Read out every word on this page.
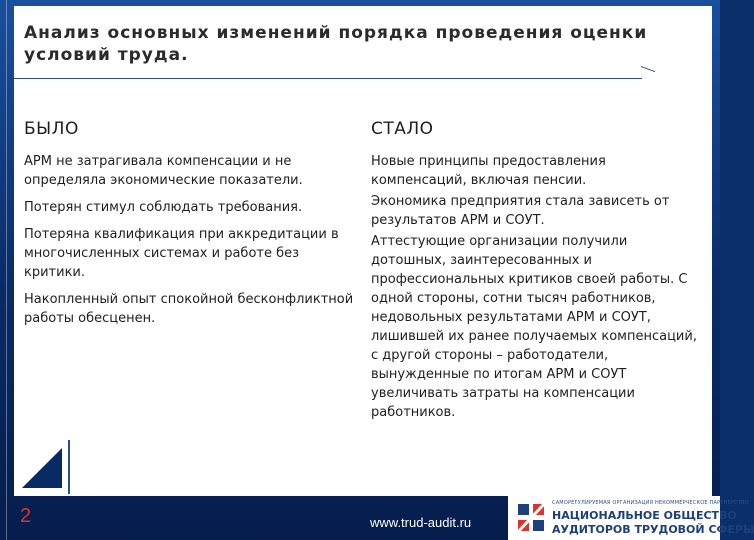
Анализ основных изменений порядка проведения оценки условий труда.

БЫЛО

АРМ не затрагивала компенсации и не определяла экономические показатели.

Потерян стимул соблюдать требования.

Потеряна квалификация при аккредитации в многочисленных системах и работе без критики.

Накопленный опыт спокойной бесконфликтной работы обесценен.

СТАЛО

Новые принципы предоставления компенсаций, включая пенсии.

Экономика предприятия стала зависеть от результатов АРМ и СОУТ.

Аттестующие организации получили дотошных, заинтересованных и профессиональных критиков своей работы. С одной стороны, сотни тысяч работников, недовольных результатами АРМ и СОУТ, лишившей их ранее получаемых компенсаций, с другой стороны – работодатели, вынужденные по итогам АРМ и СОУТ увеличивать затраты на компенсации работников.

2	www.trud-audit.ru
САМОРЕГУЛИРУЕМАЯ ОРГАНИЗАЦИЯ НЕКОММЕРЧЕСКОЕ ПАРТНЕРСТВО
НАЦИОНАЛЬНОЕ ОБЩЕСТВО
АУДИТОРОВ ТРУДОВОЙ СФЕРЫ
